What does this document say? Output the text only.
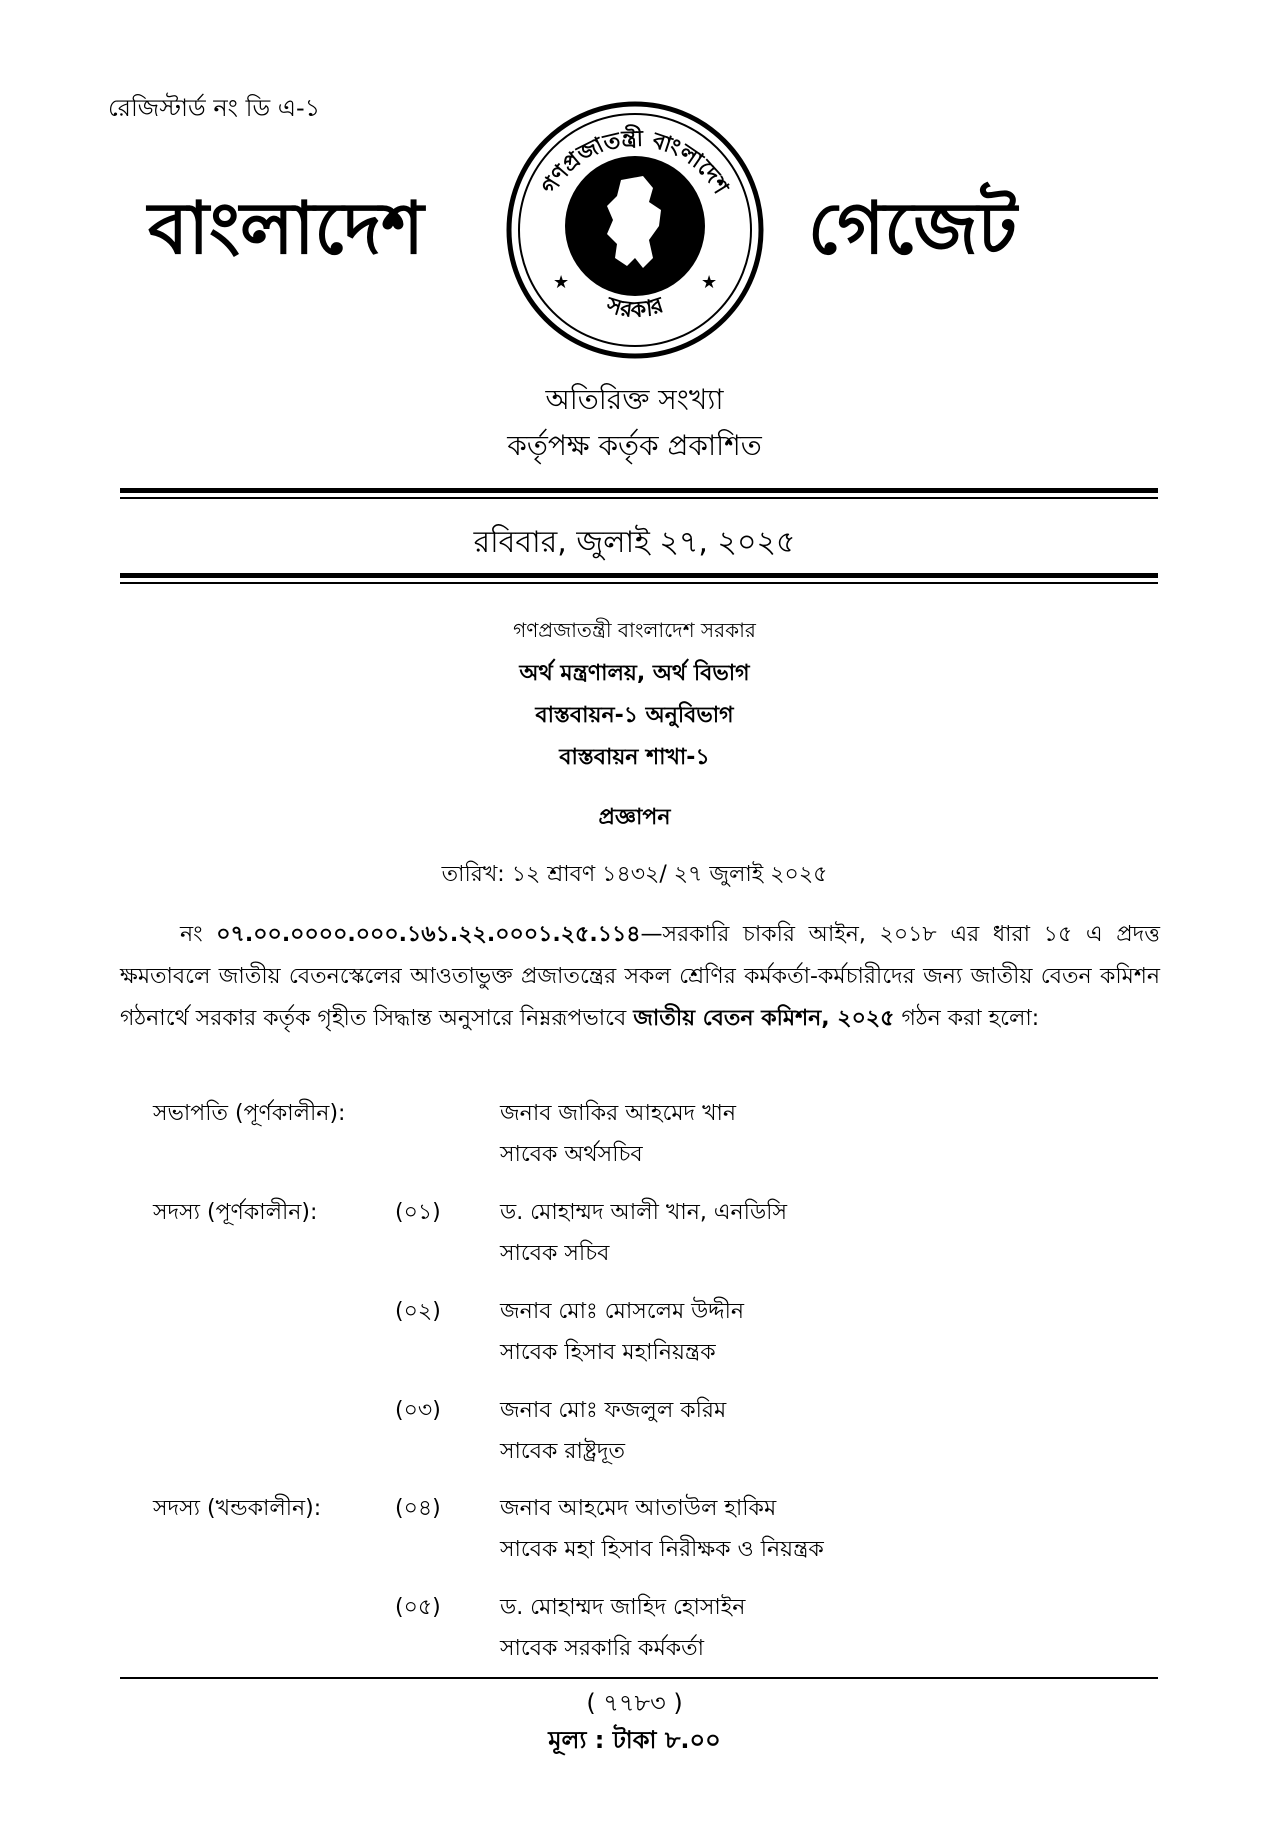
রেজিস্টার্ড নং ডি এ-১
বাংলাদেশ	গেজেট
গণপ্রজাতন্ত্রী বাংলাদেশ
সরকার
★	★
অতিরিক্ত সংখ্যা
কর্তৃপক্ষ কর্তৃক প্রকাশিত
রবিবার, জুলাই ২৭, ২০২৫
গণপ্রজাতন্ত্রী বাংলাদেশ সরকার
অর্থ মন্ত্রণালয়, অর্থ বিভাগ
বাস্তবায়ন-১ অনুবিভাগ
বাস্তবায়ন শাখা-১
প্রজ্ঞাপন
তারিখ: ১২ শ্রাবণ ১৪৩২/ ২৭ জুলাই ২০২৫
নং ০৭.০০.০০০০.০০০.১৬১.২২.০০০১.২৫.১১৪—সরকারি চাকরি আইন, ২০১৮ এর ধারা ১৫ এ প্রদত্ত ক্ষমতাবলে জাতীয় বেতনস্কেলের আওতাভুক্ত প্রজাতন্ত্রের সকল শ্রেণির কর্মকর্তা-কর্মচারীদের জন্য জাতীয় বেতন কমিশন গঠনার্থে সরকার কর্তৃক গৃহীত সিদ্ধান্ত অনুসারে নিম্নরূপভাবে জাতীয় বেতন কমিশন, ২০২৫ গঠন করা হলো:
সভাপতি (পূর্ণকালীন):	জনাব জাকির আহমেদ খান
সাবেক অর্থসচিব
সদস্য (পূর্ণকালীন):	(০১)	ড. মোহাম্মদ আলী খান, এনডিসি
সাবেক সচিব
(০২)	জনাব মোঃ মোসলেম উদ্দীন
সাবেক হিসাব মহানিয়ন্ত্রক
(০৩)	জনাব মোঃ ফজলুল করিম
সাবেক রাষ্ট্রদূত
সদস্য (খন্ডকালীন):	(০৪)	জনাব আহমেদ আতাউল হাকিম
সাবেক মহা হিসাব নিরীক্ষক ও নিয়ন্ত্রক
(০৫)	ড. মোহাম্মদ জাহিদ হোসাইন
সাবেক সরকারি কর্মকর্তা
( ৭৭৮৩ )
মূল্য : টাকা ৮.০০
